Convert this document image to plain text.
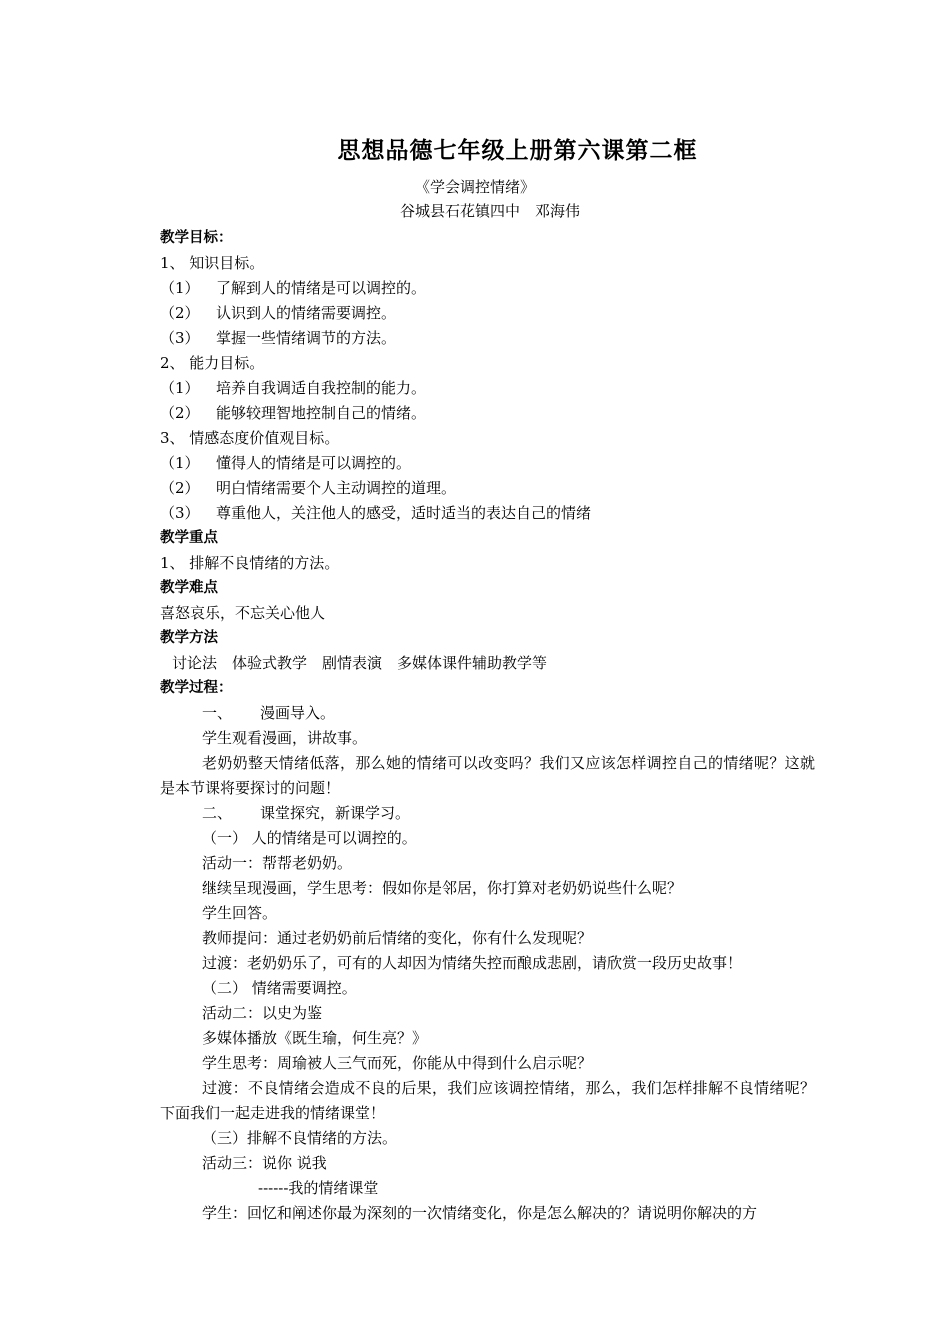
思想品德七年级上册第六课第二框
《学会调控情绪》
谷城县石花镇四中　邓海伟
教学目标：
1、 知识目标。
（1） 了解到人的情绪是可以调控的。
（2） 认识到人的情绪需要调控。
（3） 掌握一些情绪调节的方法。
2、 能力目标。
（1） 培养自我调适自我控制的能力。
（2） 能够较理智地控制自己的情绪。
3、 情感态度价值观目标。
（1） 懂得人的情绪是可以调控的。
（2） 明白情绪需要个人主动调控的道理。
（3） 尊重他人，关注他人的感受，适时适当的表达自己的情绪
教学重点
1、 排解不良情绪的方法。
教学难点
喜怒哀乐，不忘关心他人
教学方法
讨论法　体验式教学　剧情表演　多媒体课件辅助教学等
教学过程：
一、 漫画导入。
学生观看漫画，讲故事。
老奶奶整天情绪低落，那么她的情绪可以改变吗？我们又应该怎样调控自己的情绪呢？这就是本节课将要探讨的问题！
二、 课堂探究，新课学习。
（一） 人的情绪是可以调控的。
活动一：帮帮老奶奶。
继续呈现漫画，学生思考：假如你是邻居，你打算对老奶奶说些什么呢？
学生回答。
教师提问：通过老奶奶前后情绪的变化，你有什么发现呢？
过渡：老奶奶乐了，可有的人却因为情绪失控而酿成悲剧，请欣赏一段历史故事！
（二） 情绪需要调控。
活动二：以史为鉴
多媒体播放《既生瑜，何生亮？》
学生思考：周瑜被人三气而死，你能从中得到什么启示呢？
过渡：不良情绪会造成不良的后果，我们应该调控情绪，那么，我们怎样排解不良情绪呢？下面我们一起走进我的情绪课堂！
（三）排解不良情绪的方法。
活动三：说你 说我
------我的情绪课堂
学生：回忆和阐述你最为深刻的一次情绪变化，你是怎么解决的？请说明你解决的方
